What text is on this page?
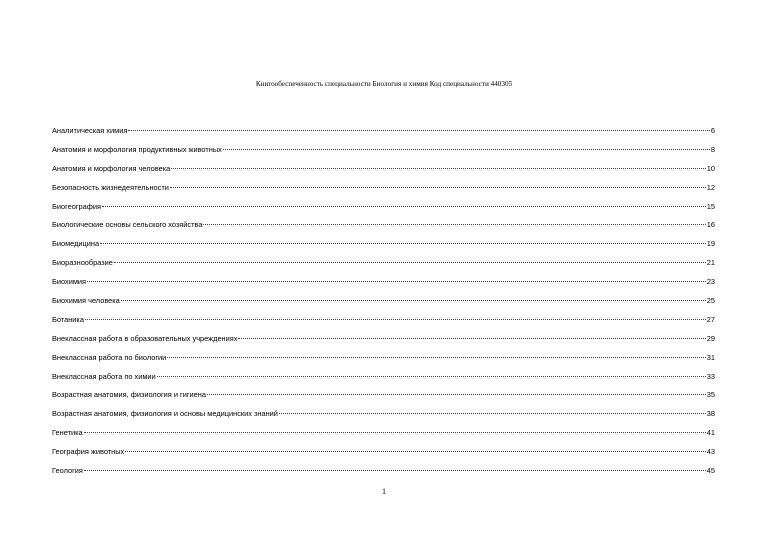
Книгообеспеченность специальности Биология и химия Код специальности 440305
Аналитическая химия	6
Анатомия и морфология продуктивных животных	8
Анатомия и морфология человека	10
Безопасность жизнедеятельности	12
Биогеография	15
Биологические основы сельского хозяйства	16
Биомедицина	19
Биоразнообразие	21
Биохимия	23
Биохимия человека	25
Ботаника	27
Внеклассная работа в образовательных учреждениях	29
Внеклассная работа по биологии	31
Внеклассная работа по химии	33
Возрастная анатомия, физиология и гигиена	35
Возрастная анатомия, физиология и основы медицинских знаний	38
Генетика	41
География животных	43
Геология	45
1
